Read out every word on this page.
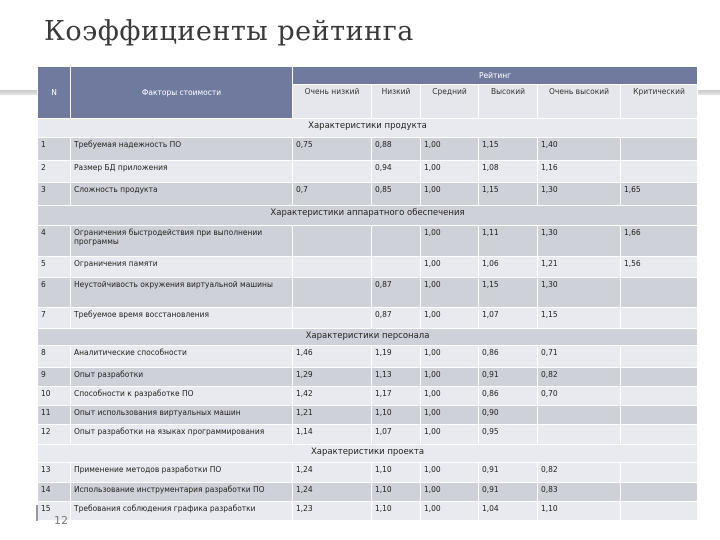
Коэффициенты рейтинга
N	Факторы стоимости	Рейтинг					
		Очень низкий	Низкий	Средний	Высокий	Очень высокий	Критический
Характеристики продукта							
1	Требуемая надежность ПО	0,75	0,88	1,00	1,15	1,40	
2	Размер БД приложения		0,94	1,00	1,08	1,16	
3	Сложность продукта	0,7	0,85	1,00	1,15	1,30	1,65
Характеристики аппаратного обеспечения							
4	Ограничения быстродействия при выполнении программы			1,00	1,11	1,30	1,66
5	Ограничения памяти			1,00	1,06	1,21	1,56
6	Неустойчивость окружения виртуальной машины		0,87	1,00	1,15	1,30	
7	Требуемое время восстановления		0,87	1,00	1,07	1,15	
Характеристики персонала							
8	Аналитические способности	1,46	1,19	1,00	0,86	0,71	
9	Опыт разработки	1,29	1,13	1,00	0,91	0,82	
10	Способности к разработке ПО	1,42	1,17	1,00	0,86	0,70	
11	Опыт использования виртуальных машин	1,21	1,10	1,00	0,90		
12	Опыт разработки на языках программирования	1,14	1,07	1,00	0,95		
Характеристики проекта							
13	Применение методов разработки ПО	1,24	1,10	1,00	0,91	0,82	
14	Использование инструментария разработки ПО	1,24	1,10	1,00	0,91	0,83	
15	Требования соблюдения графика разработки	1,23	1,10	1,00	1,04	1,10	
12
